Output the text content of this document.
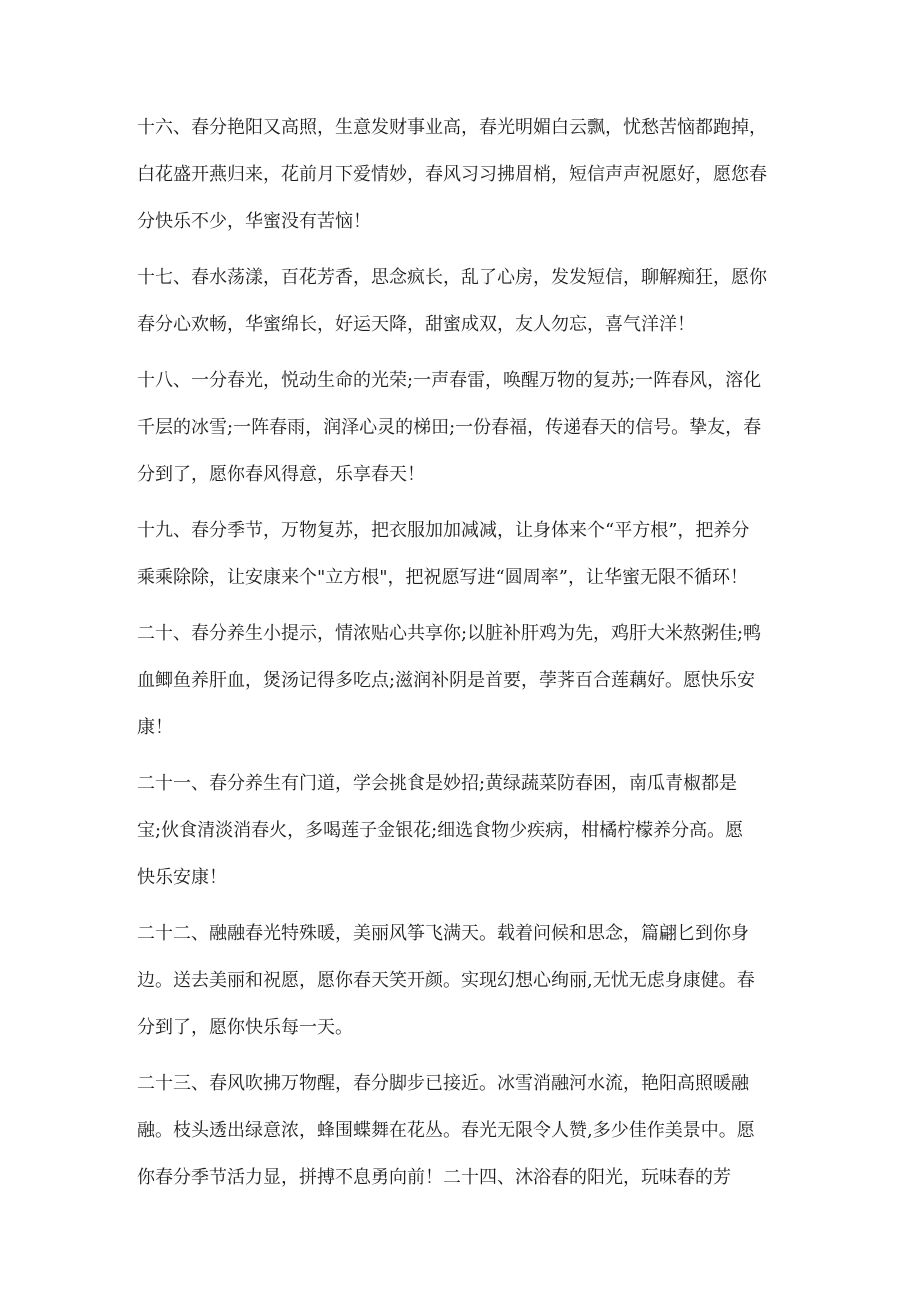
十六、春分艳阳又高照，生意发财事业高，春光明媚白云飘，忧愁苦恼都跑掉，
白花盛开燕归来，花前月下爱情妙，春风习习拂眉梢，短信声声祝愿好，愿您春
分快乐不少，华蜜没有苦恼！

十七、春水荡漾，百花芳香，思念疯长，乱了心房，发发短信，聊解痴狂，愿你
春分心欢畅，华蜜绵长，好运天降，甜蜜成双，友人勿忘，喜气洋洋！

十八、一分春光，悦动生命的光荣;一声春雷，唤醒万物的复苏;一阵春风，溶化
千层的冰雪;一阵春雨，润泽心灵的梯田;一份春福，传递春天的信号。挚友，春
分到了，愿你春风得意，乐享春天！

十九、春分季节，万物复苏，把衣服加加减减，让身体来个“平方根”，把养分
乘乘除除，让安康来个"立方根"，把祝愿写进“圆周率”，让华蜜无限不循环！

二十、春分养生小提示，情浓贴心共享你;以脏补肝鸡为先，鸡肝大米熬粥佳;鸭
血鲫鱼养肝血，煲汤记得多吃点;滋润补阴是首要，荸荠百合莲藕好。愿快乐安
康！

二十一、春分养生有门道，学会挑食是妙招;黄绿蔬菜防春困，南瓜青椒都是
宝;伙食清淡消春火，多喝莲子金银花;细选食物少疾病，柑橘柠檬养分高。愿
快乐安康！

二十二、融融春光特殊暖，美丽风筝飞满天。载着问候和思念，篇翩匕到你身
边。送去美丽和祝愿，愿你春天笑开颜。实现幻想心绚丽,无忧无虑身康健。春
分到了，愿你快乐每一天。

二十三、春风吹拂万物醒，春分脚步已接近。冰雪消融河水流，艳阳高照暖融
融。枝头透出绿意浓，蜂围蝶舞在花丛。春光无限令人赞,多少佳作美景中。愿
你春分季节活力显，拼搏不息勇向前！二十四、沐浴春的阳光，玩味春的芳
